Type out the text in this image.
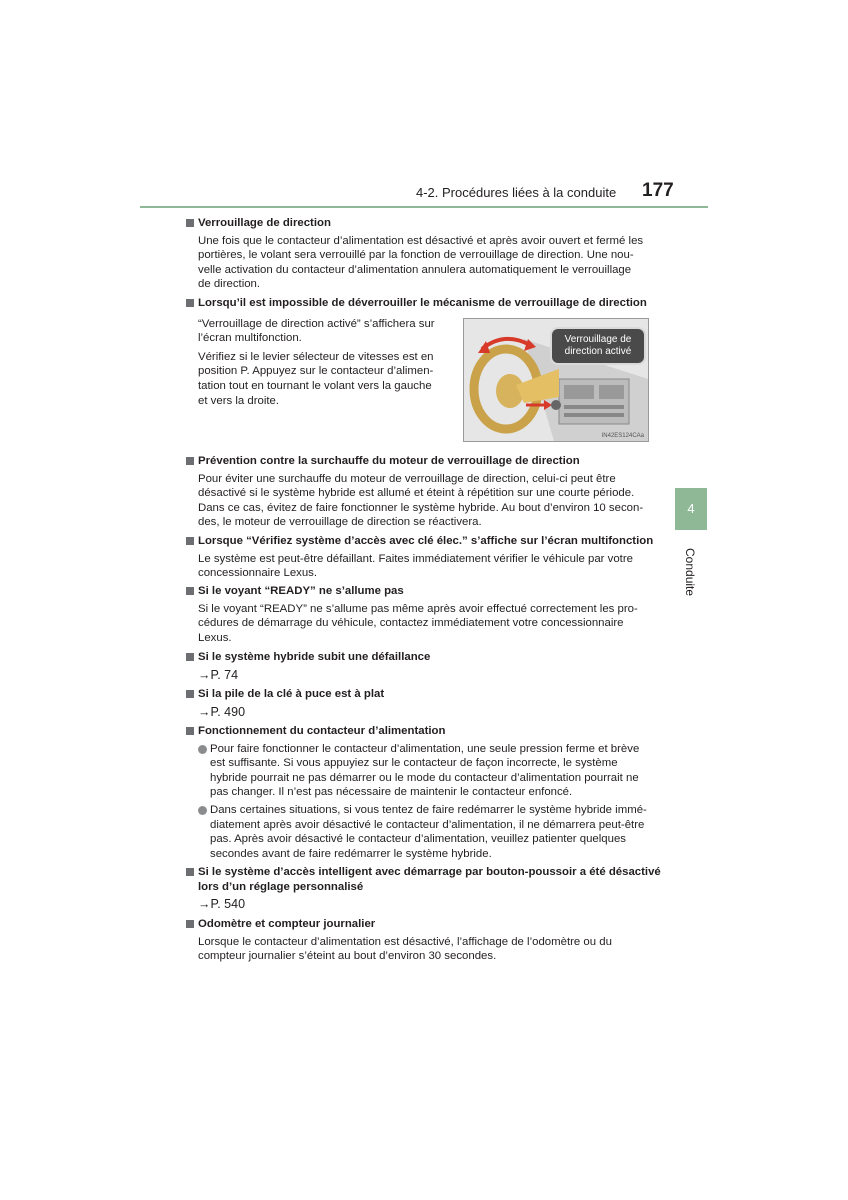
4-2. Procédures liées à la conduite 177
Verrouillage de direction
Une fois que le contacteur d’alimentation est désactivé et après avoir ouvert et fermé les
portières, le volant sera verrouillé par la fonction de verrouillage de direction. Une nou-
velle activation du contacteur d’alimentation annulera automatiquement le verrouillage
de direction.
Lorsqu’il est impossible de déverrouiller le mécanisme de verrouillage de direction
“Verrouillage de direction activé” s’affichera sur
l’écran multifonction.
Vérifiez si le levier sélecteur de vitesses est en
position P. Appuyez sur le contacteur d’alimen-
tation tout en tournant le volant vers la gauche
et vers la droite.
Verrouillage de
direction activé
IN42ES124CAa
Prévention contre la surchauffe du moteur de verrouillage de direction
Pour éviter une surchauffe du moteur de verrouillage de direction, celui-ci peut être
désactivé si le système hybride est allumé et éteint à répétition sur une courte période.
Dans ce cas, évitez de faire fonctionner le système hybride. Au bout d’environ 10 secon-
des, le moteur de verrouillage de direction se réactivera.
Lorsque “Vérifiez système d’accès avec clé élec.” s’affiche sur l’écran multifonction
Le système est peut-être défaillant. Faites immédiatement vérifier le véhicule par votre
concessionnaire Lexus.
Si le voyant “READY” ne s’allume pas
Si le voyant “READY” ne s’allume pas même après avoir effectué correctement les pro-
cédures de démarrage du véhicule, contactez immédiatement votre concessionnaire
Lexus.
Si le système hybride subit une défaillance
→P. 74
Si la pile de la clé à puce est à plat
→P. 490
Fonctionnement du contacteur d’alimentation
Pour faire fonctionner le contacteur d’alimentation, une seule pression ferme et brève
est suffisante. Si vous appuyiez sur le contacteur de façon incorrecte, le système
hybride pourrait ne pas démarrer ou le mode du contacteur d’alimentation pourrait ne
pas changer. Il n’est pas nécessaire de maintenir le contacteur enfoncé.
Dans certaines situations, si vous tentez de faire redémarrer le système hybride immé-
diatement après avoir désactivé le contacteur d’alimentation, il ne démarrera peut-être
pas. Après avoir désactivé le contacteur d’alimentation, veuillez patienter quelques
secondes avant de faire redémarrer le système hybride.
Si le système d’accès intelligent avec démarrage par bouton-poussoir a été désactivé
lors d’un réglage personnalisé
→P. 540
Odomètre et compteur journalier
Lorsque le contacteur d’alimentation est désactivé, l’affichage de l’odomètre ou du
compteur journalier s’éteint au bout d’environ 30 secondes.
4
Conduite
